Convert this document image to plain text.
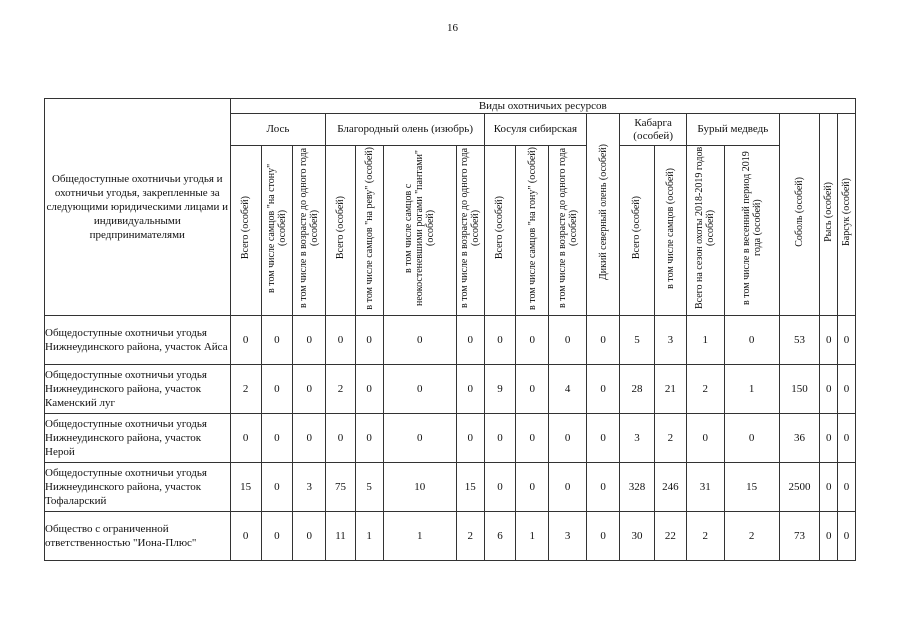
16
Общедоступные охотничьи угодья и охотничьи угодья, закрепленные за следующими юридическими лицами и индивидуальными предпринимателями	Виды охотничьих ресурсов																	
	Лось			Благородный олень (изюбрь)				Косуля сибирская			Дикий северный олень (особей)	Кабарга (особей)		Бурый медведь		Соболь (особей)	Рысь (особей)	Барсук (особей)
	Всего (особей)	в том числе самцов "на стону" (особей)	в том числе в возрасте до одного года (особей)	Всего (особей)	в том числе самцов "на реву" (особей)	в том числе самцов с неокостеневшими рогами "пантами" (особей)	в том числе в возрасте до одного года (особей)	Всего (особей)	в том числе самцов "на гону" (особей)	в том числе в возрасте до одного года (особей)		Всего (особей)	в том числе самцов (особей)	Всего на сезон охоты 2018-2019 годов (особей)	в том числе в весенний период 2019 года (особей)			
Общедоступные охотничьи угодья Нижнеудинского района, участок Айса	0	0	0	0	0	0	0	0	0	0	0	5	3	1	0	53	0	0
Общедоступные охотничьи угодья Нижнеудинского района, участок Каменский луг	2	0	0	2	0	0	0	9	0	4	0	28	21	2	1	150	0	0
Общедоступные охотничьи угодья Нижнеудинского района, участок Нерой	0	0	0	0	0	0	0	0	0	0	0	3	2	0	0	36	0	0
Общедоступные охотничьи угодья Нижнеудинского района, участок Тофаларский	15	0	3	75	5	10	15	0	0	0	0	328	246	31	15	2500	0	0
Общество с ограниченной ответственностью "Иона-Плюс"	0	0	0	11	1	1	2	6	1	3	0	30	22	2	2	73	0	0
